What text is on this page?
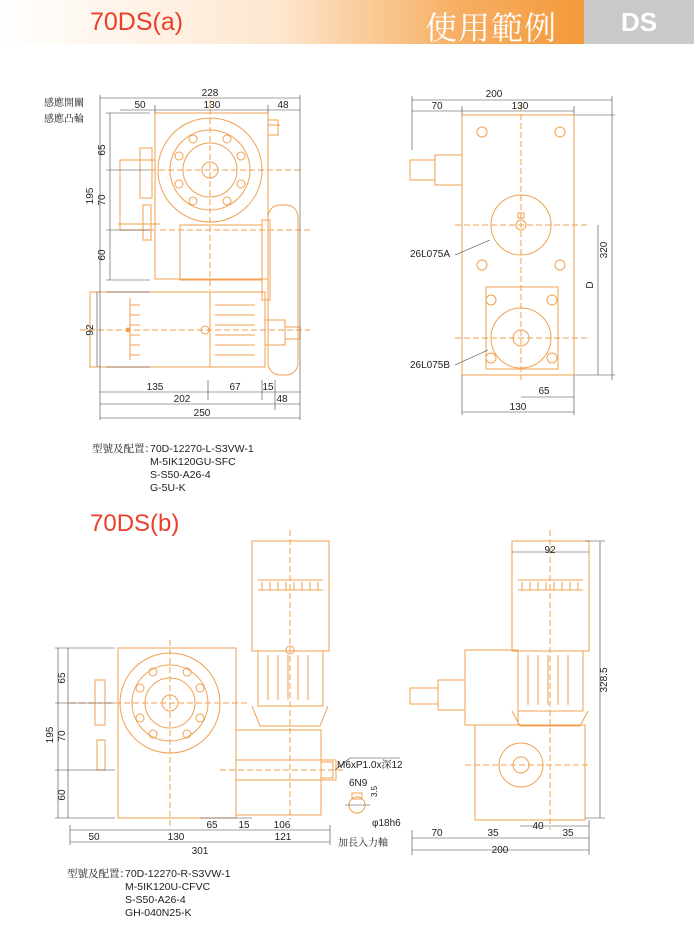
70DS(a)	使用範例	DS
感應開關
感應凸輪
228
50	130	48
65
195 70
60
92
135	67 15
202	48
250
200
70	130
320
D
65
130
26L075A
26L075B
65
195 70
60
65 15 106
50	130	121
301
M6xP1.0x深12
6N9
3.5
φ18h6
加長入力軸
92
328.5
70
40
35	35
200
型號及配置：
70D-12270-L-S3VW-1
M-5IK120GU-SFC
S-S50-A26-4
G-5U-K
70DS(b)
型號及配置：
70D-12270-R-S3VW-1
M-5IK120U-CFVC
S-S50-A26-4
GH-040N25-K
